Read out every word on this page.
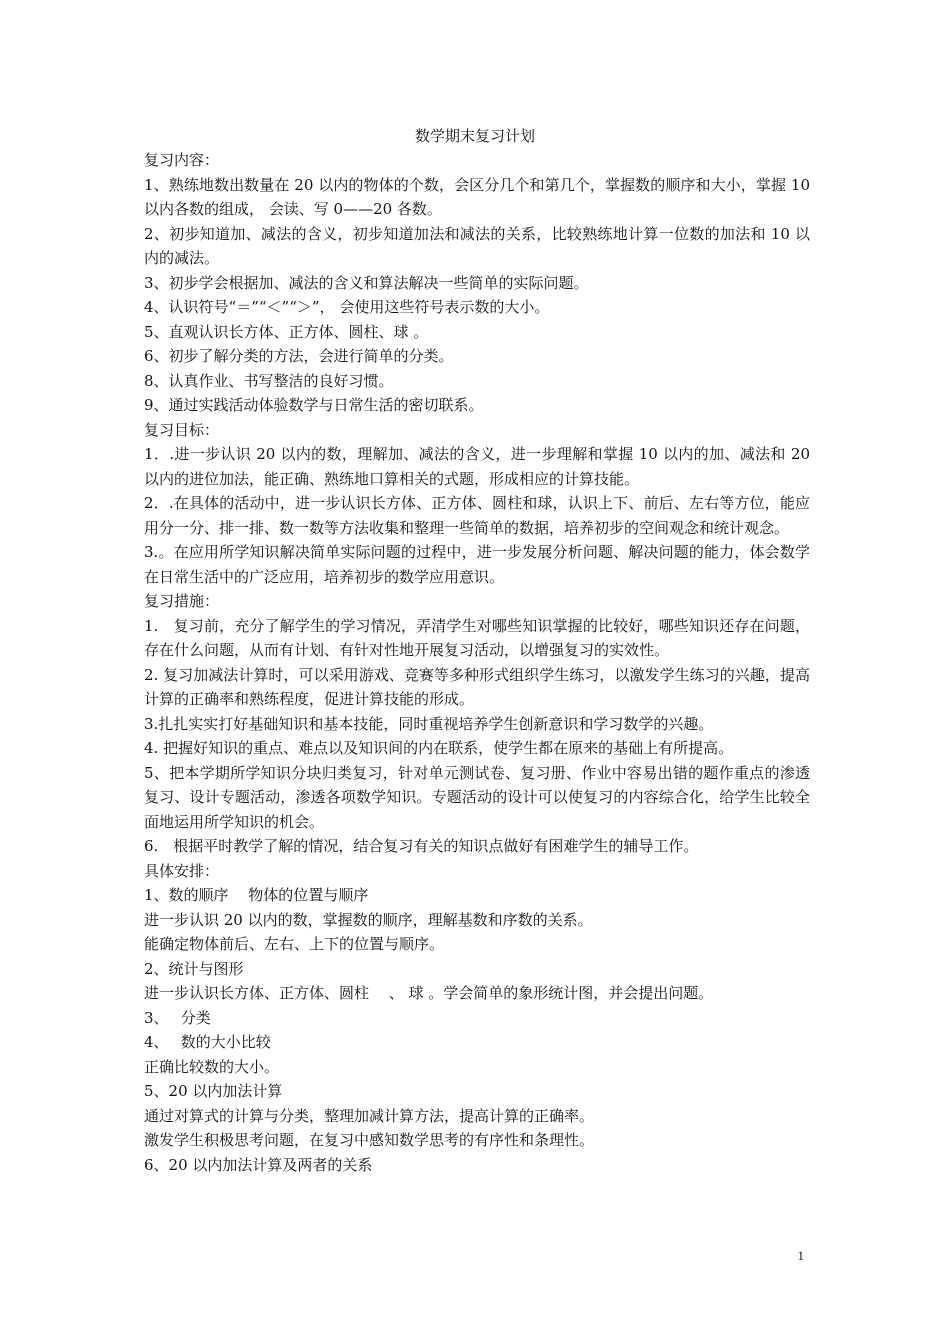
数学期末复习计划

复习内容：

1、熟练地数出数量在 20 以内的物体的个数，会区分几个和第几个，掌握数的顺序和大小，掌握 10 以内各数的组成， 会读、写 0——20 各数。

2、初步知道加、减法的含义，初步知道加法和减法的关系，比较熟练地计算一位数的加法和 10 以内的减法。

3、初步学会根据加、减法的含义和算法解决一些简单的实际问题。

4、认识符号“＝”“＜”“＞”， 会使用这些符号表示数的大小。

5、直观认识长方体、正方体、圆柱、球 。

6、初步了解分类的方法，会进行简单的分类。

8、认真作业、书写整洁的良好习惯。

9、通过实践活动体验数学与日常生活的密切联系。

复习目标：

1．.进一步认识 20 以内的数，理解加、减法的含义，进一步理解和掌握 10 以内的加、减法和 20 以内的进位加法，能正确、熟练地口算相关的式题，形成相应的计算技能。

2．.在具体的活动中，进一步认识长方体、正方体、圆柱和球，认识上下、前后、左右等方位，能应用分一分、排一排、数一数等方法收集和整理一些简单的数据，培养初步的空间观念和统计观念。

3.。在应用所学知识解决简单实际问题的过程中，进一步发展分析问题、解决问题的能力，体会数学在日常生活中的广泛应用，培养初步的数学应用意识。

复习措施：

1.　复习前，充分了解学生的学习情况，弄清学生对哪些知识掌握的比较好，哪些知识还存在问题，存在什么问题，从而有计划、有针对性地开展复习活动，以增强复习的实效性。

2. 复习加减法计算时，可以采用游戏、竞赛等多种形式组织学生练习，以激发学生练习的兴趣，提高计算的正确率和熟练程度，促进计算技能的形成。

3.扎扎实实打好基础知识和基本技能，同时重视培养学生创新意识和学习数学的兴趣。

4. 把握好知识的重点、难点以及知识间的内在联系，使学生都在原来的基础上有所提高。

5、把本学期所学知识分块归类复习，针对单元测试卷、复习册、作业中容易出错的题作重点的渗透复习、设计专题活动，渗透各项数学知识。专题活动的设计可以使复习的内容综合化，给学生比较全面地运用所学知识的机会。

6.　根据平时教学了解的情况，结合复习有关的知识点做好有困难学生的辅导工作。

具体安排：

1、数的顺序　 物体的位置与顺序

进一步认识 20 以内的数，掌握数的顺序，理解基数和序数的关系。

能确定物体前后、左右、上下的位置与顺序。

2、统计与图形

进一步认识长方体、正方体、圆柱　 、 球 。学会简单的象形统计图，并会提出问题。

3、　 分类

4、　 数的大小比较

正确比较数的大小。

5、20 以内加法计算

通过对算式的计算与分类，整理加减计算方法，提高计算的正确率。

激发学生积极思考问题，在复习中感知数学思考的有序性和条理性。

6、20 以内加法计算及两者的关系

1
